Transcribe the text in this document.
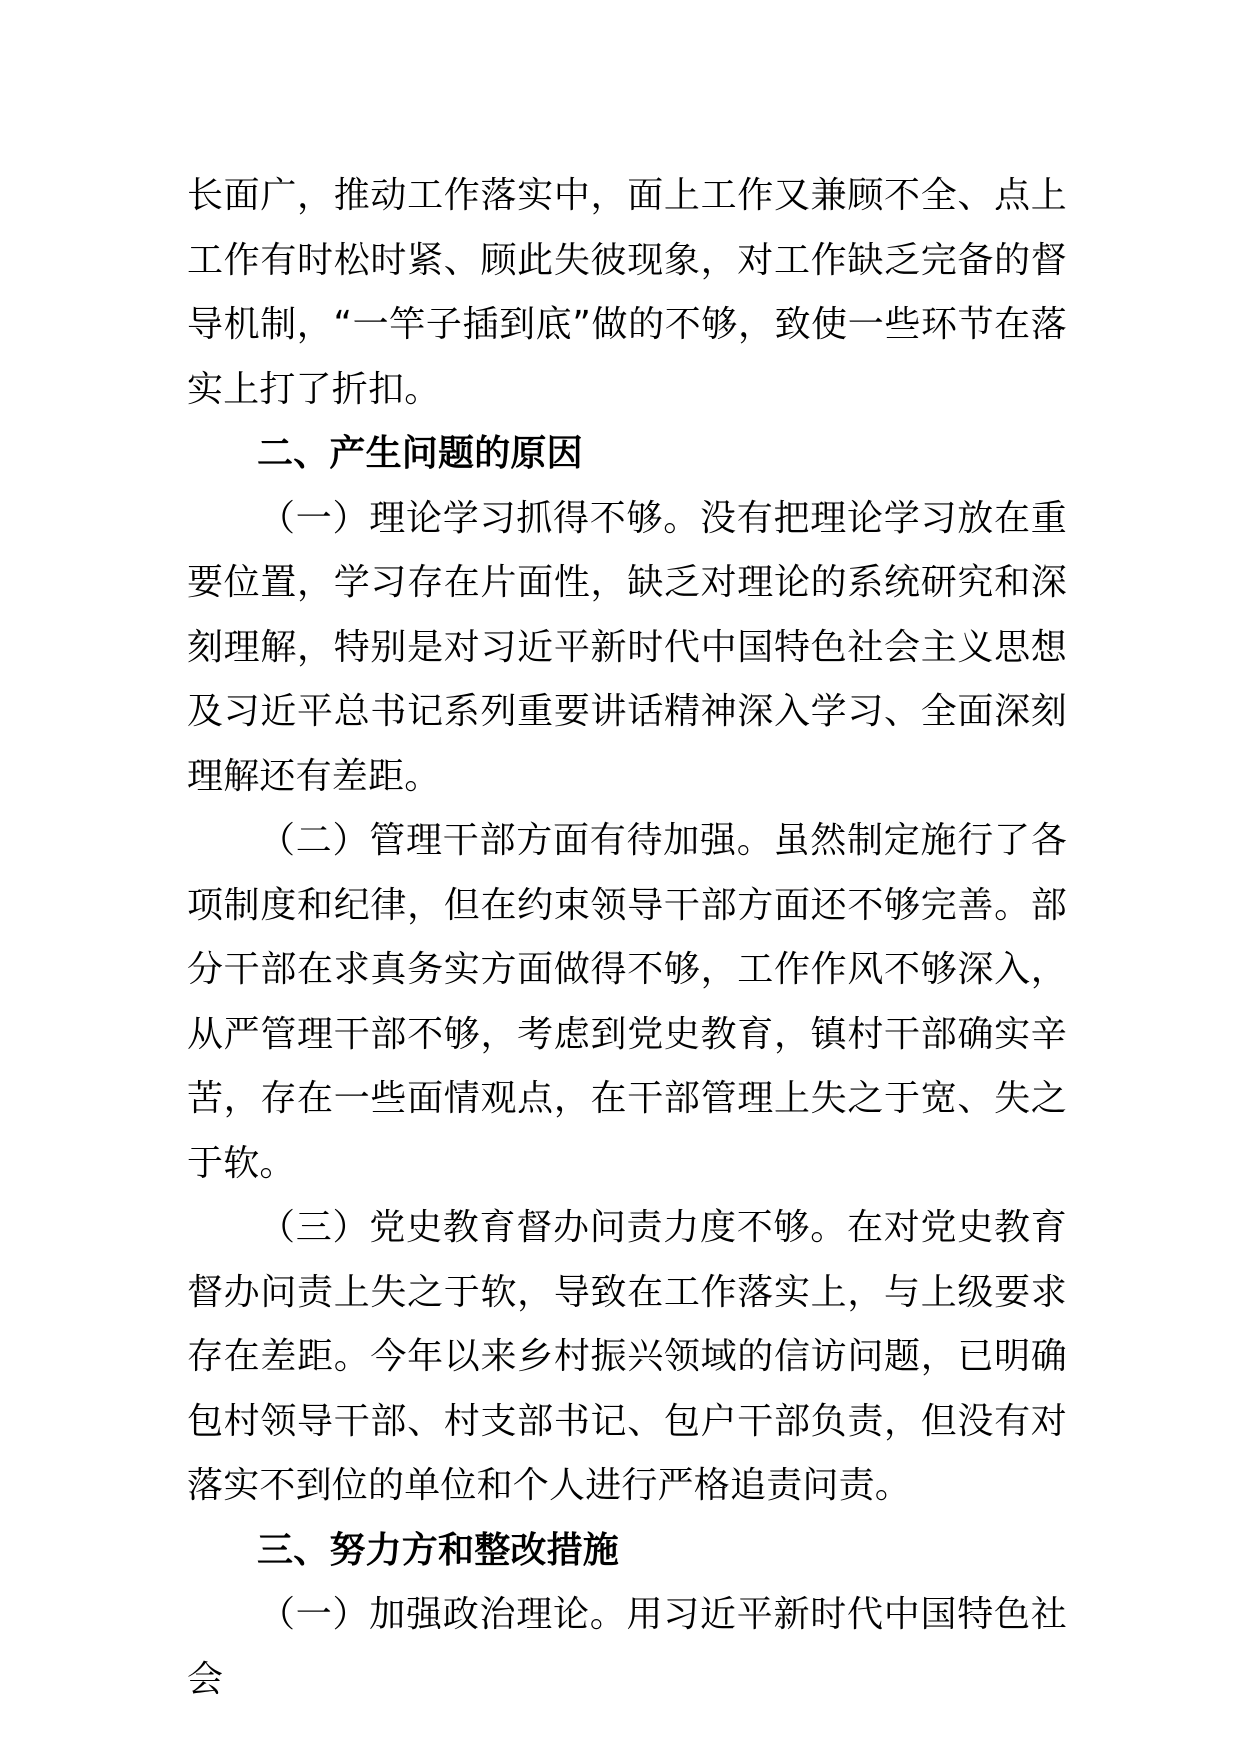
长面广，推动工作落实中，面上工作又兼顾不全、点上工作有时松时紧、顾此失彼现象，对工作缺乏完备的督导机制，“一竿子插到底”做的不够，致使一些环节在落实上打了折扣。

二、产生问题的原因

（一）理论学习抓得不够。没有把理论学习放在重要位置，学习存在片面性，缺乏对理论的系统研究和深刻理解，特别是对习近平新时代中国特色社会主义思想及习近平总书记系列重要讲话精神深入学习、全面深刻理解还有差距。

（二）管理干部方面有待加强。虽然制定施行了各项制度和纪律，但在约束领导干部方面还不够完善。部分干部在求真务实方面做得不够，工作作风不够深入，从严管理干部不够，考虑到党史教育，镇村干部确实辛苦，存在一些面情观点，在干部管理上失之于宽、失之于软。

（三）党史教育督办问责力度不够。在对党史教育督办问责上失之于软，导致在工作落实上，与上级要求存在差距。今年以来乡村振兴领域的信访问题，已明确包村领导干部、村支部书记、包户干部负责，但没有对落实不到位的单位和个人进行严格追责问责。

三、努力方和整改措施

（一）加强政治理论。用习近平新时代中国特色社会
